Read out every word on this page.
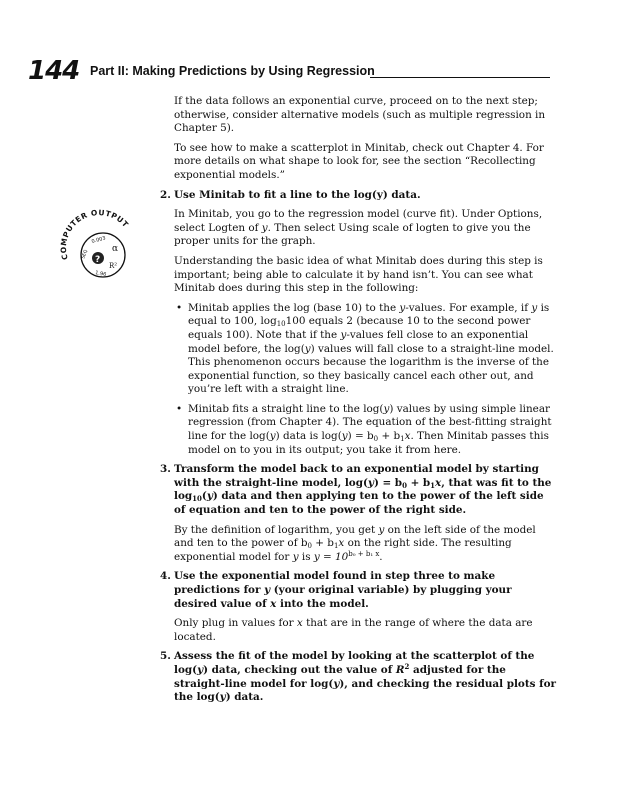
144 Part II: Making Predictions by Using Regression
COMPUTER OUTPUT
0.003
α
?
SEQ
R²
1.96

If the data follows an exponential curve, proceed on to the next step; otherwise, consider alternative models (such as multiple regression in Chapter 5).

To see how to make a scatterplot in Minitab, check out Chapter 4. For more details on what shape to look for, see the section “Recollecting exponential models.”

2. Use Minitab to fit a line to the log(y) data.

In Minitab, you go to the regression model (curve fit). Under Options, select Logten of y. Then select Using scale of logten to give you the proper units for the graph.

Understanding the basic idea of what Minitab does during this step is important; being able to calculate it by hand isn’t. You can see what Minitab does during this step in the following:

• Minitab applies the log (base 10) to the y-values. For example, if y is equal to 100, $\log_{10}100$ equals 2 (because 10 to the second power equals 100). Note that if the y-values fell close to an exponential model before, the log(y) values will fall close to a straight-line model. This phenomenon occurs because the logarithm is the inverse of the exponential function, so they basically cancel each other out, and you’re left with a straight line.
• Minitab fits a straight line to the log(y) values by using simple linear regression (from Chapter 4). The equation of the best-fitting straight line for the log(y) data is $\log(y) = b_0 + b_1x$. Then Minitab passes this model on to you in its output; you take it from here.
3. Transform the model back to an exponential model by starting with the straight-line model, $\log(y) = b_0 + b_1x$, that was fit to the $\log_{10}(y)$ data and then applying ten to the power of the left side of equation and ten to the power of the right side.

By the definition of logarithm, you get y on the left side of the model and ten to the power of $b_0 + b_1x$ on the right side. The resulting exponential model for y is $y = 10^{b_0 + b_1 x}$.

4. Use the exponential model found in step three to make predictions for y (your original variable) by plugging your desired value of x into the model.

Only plug in values for x that are in the range of where the data are located.

5. Assess the fit of the model by looking at the scatterplot of the log(y) data, checking out the value of $R^2$ adjusted for the straight-line model for log(y), and checking the residual plots for the log(y) data.
